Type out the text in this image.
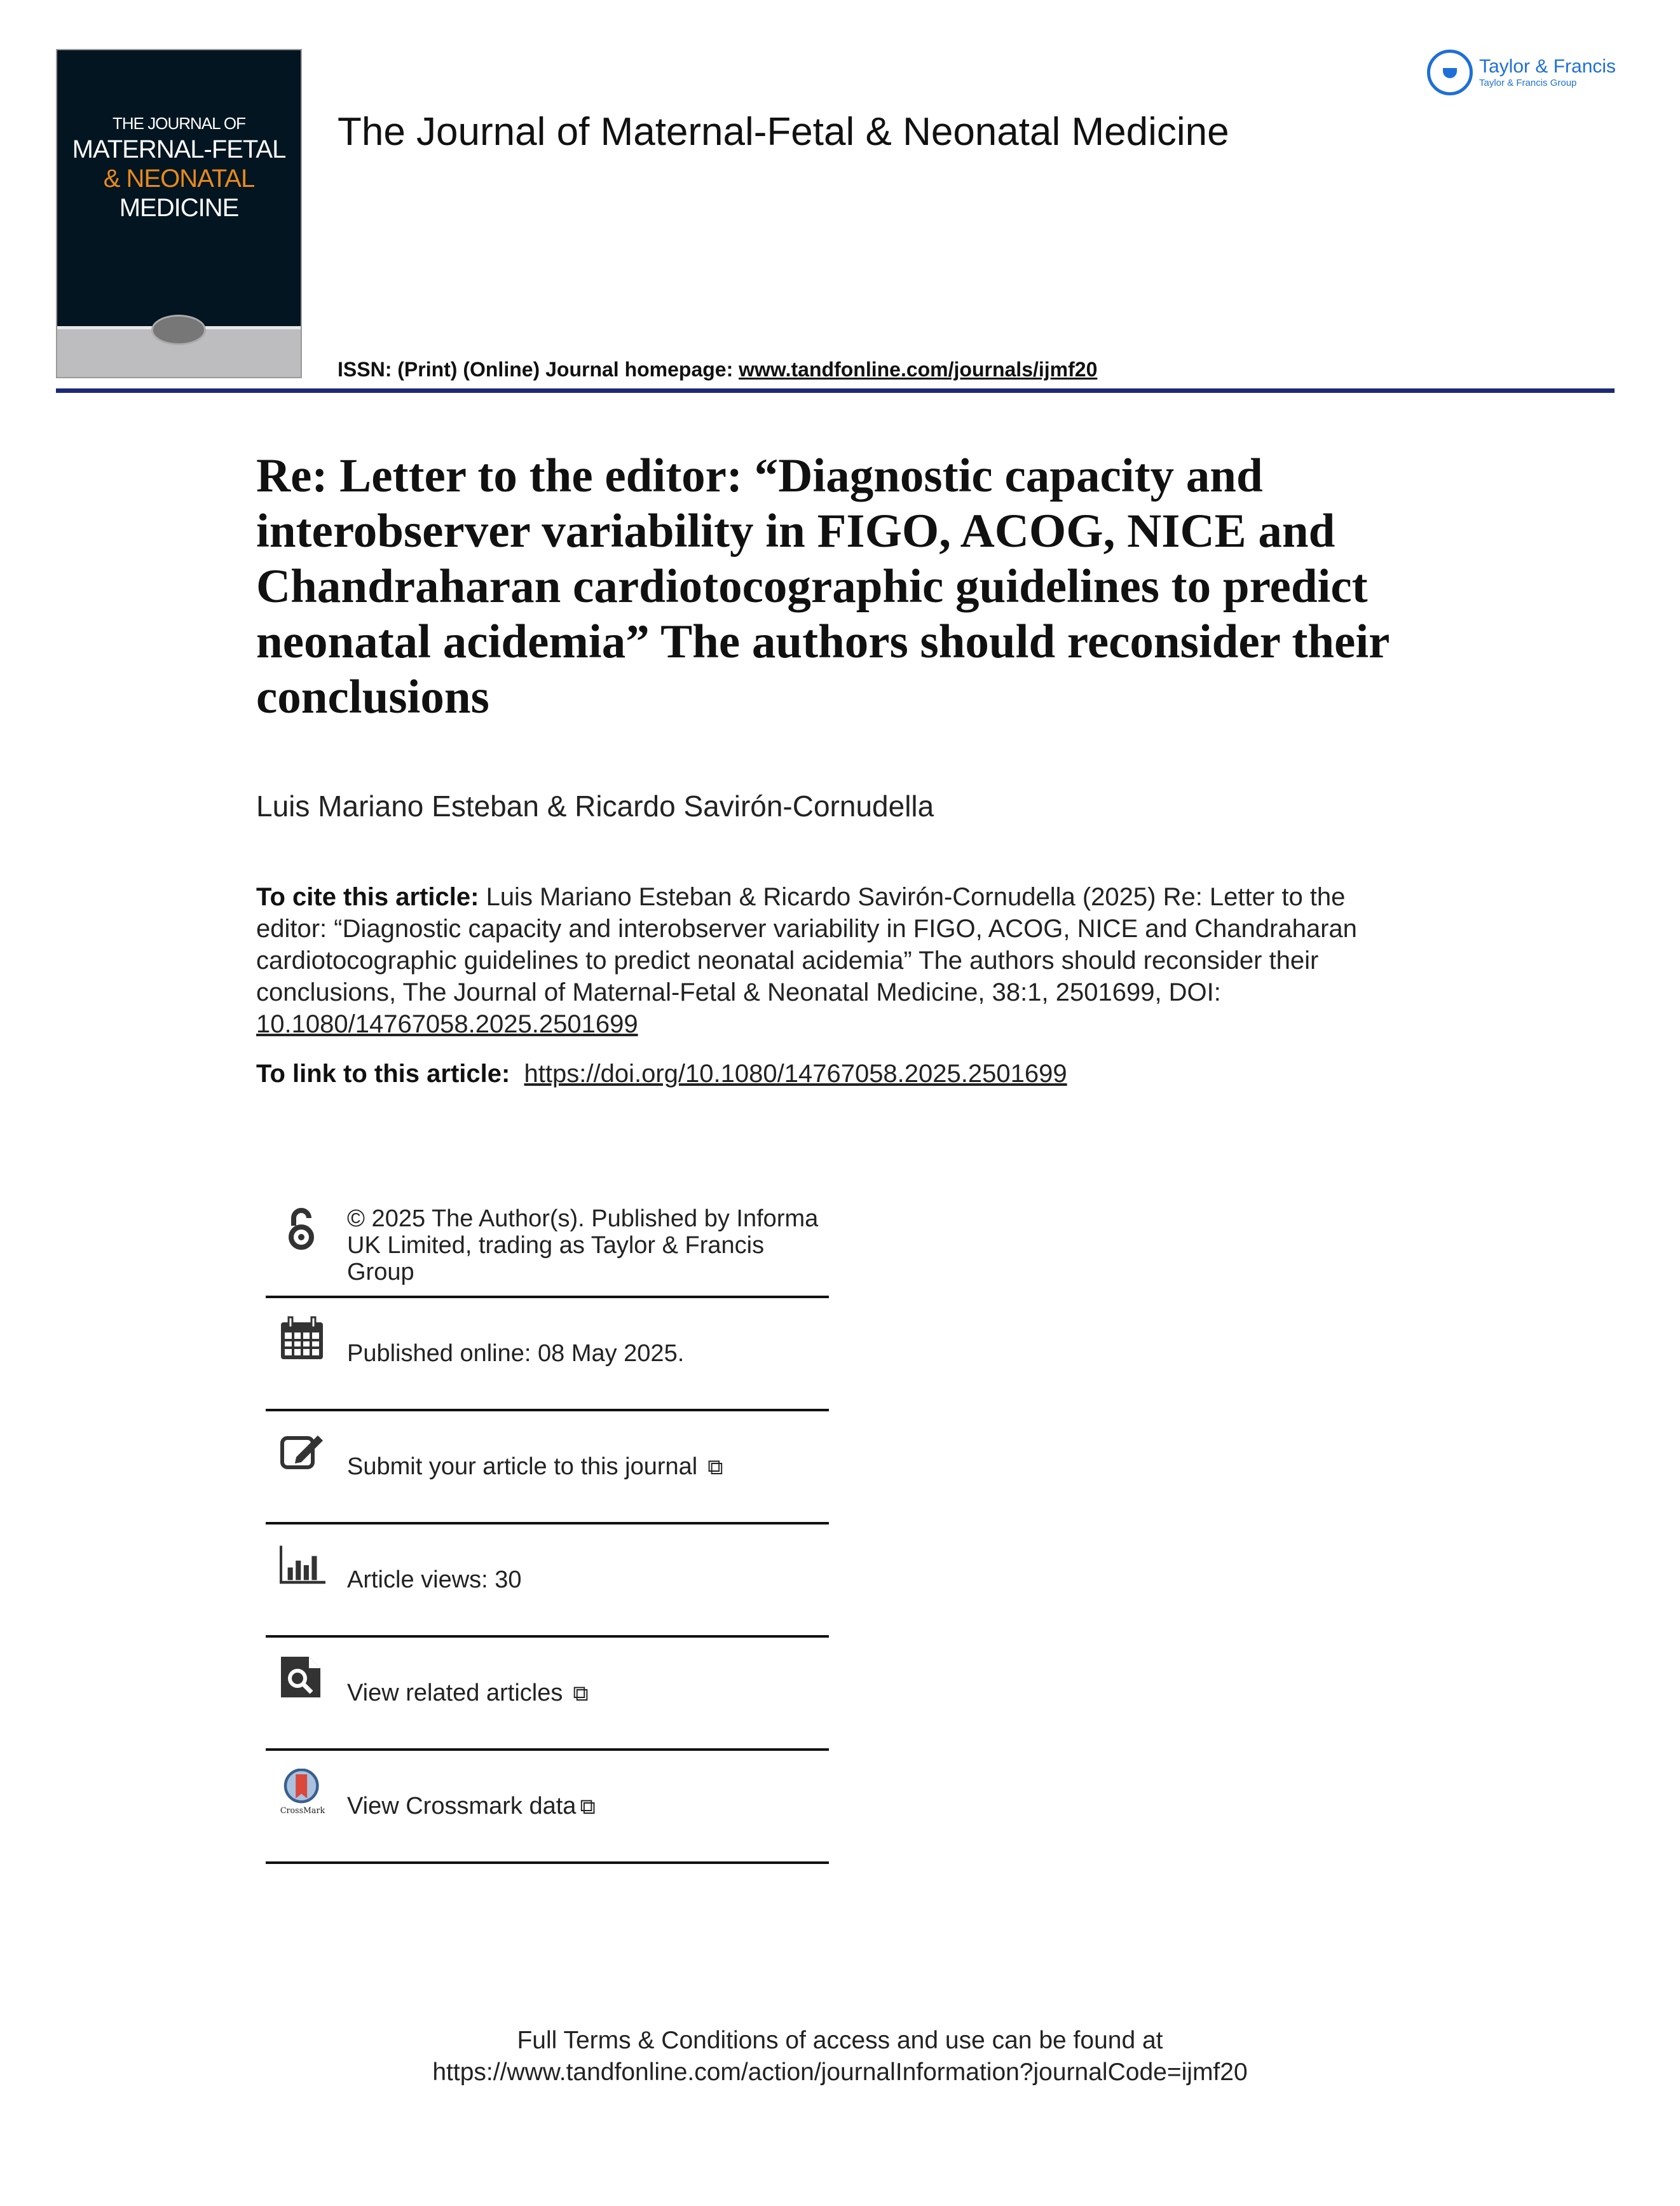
THE JOURNAL OF
MATERNAL-FETAL
& NEONATAL
MEDICINE
The Journal of Maternal-Fetal & Neonatal Medicine
Taylor & Francis
Taylor & Francis Group
ISSN: (Print) (Online) Journal homepage: www.tandfonline.com/journals/ijmf20
Re: Letter to the editor: “Diagnostic capacity and interobserver variability in FIGO, ACOG, NICE and Chandraharan cardiotocographic guidelines to predict neonatal acidemia” The authors should reconsider their conclusions
Luis Mariano Esteban & Ricardo Savirón-Cornudella
To cite this article: Luis Mariano Esteban & Ricardo Savirón-Cornudella (2025) Re: Letter to the editor: “Diagnostic capacity and interobserver variability in FIGO, ACOG, NICE and Chandraharan cardiotocographic guidelines to predict neonatal acidemia” The authors should reconsider their conclusions, The Journal of Maternal-Fetal & Neonatal Medicine, 38:1, 2501699, DOI: 10.1080/14767058.2025.2501699
To link to this article: https://doi.org/10.1080/14767058.2025.2501699
© 2025 The Author(s). Published by Informa UK Limited, trading as Taylor & Francis Group
Published online: 08 May 2025.
Submit your article to this journal ⧉
Article views: 30
View related articles ⧉
CrossMark View Crossmark data ⧉
Full Terms & Conditions of access and use can be found at
https://www.tandfonline.com/action/journalInformation?journalCode=ijmf20
